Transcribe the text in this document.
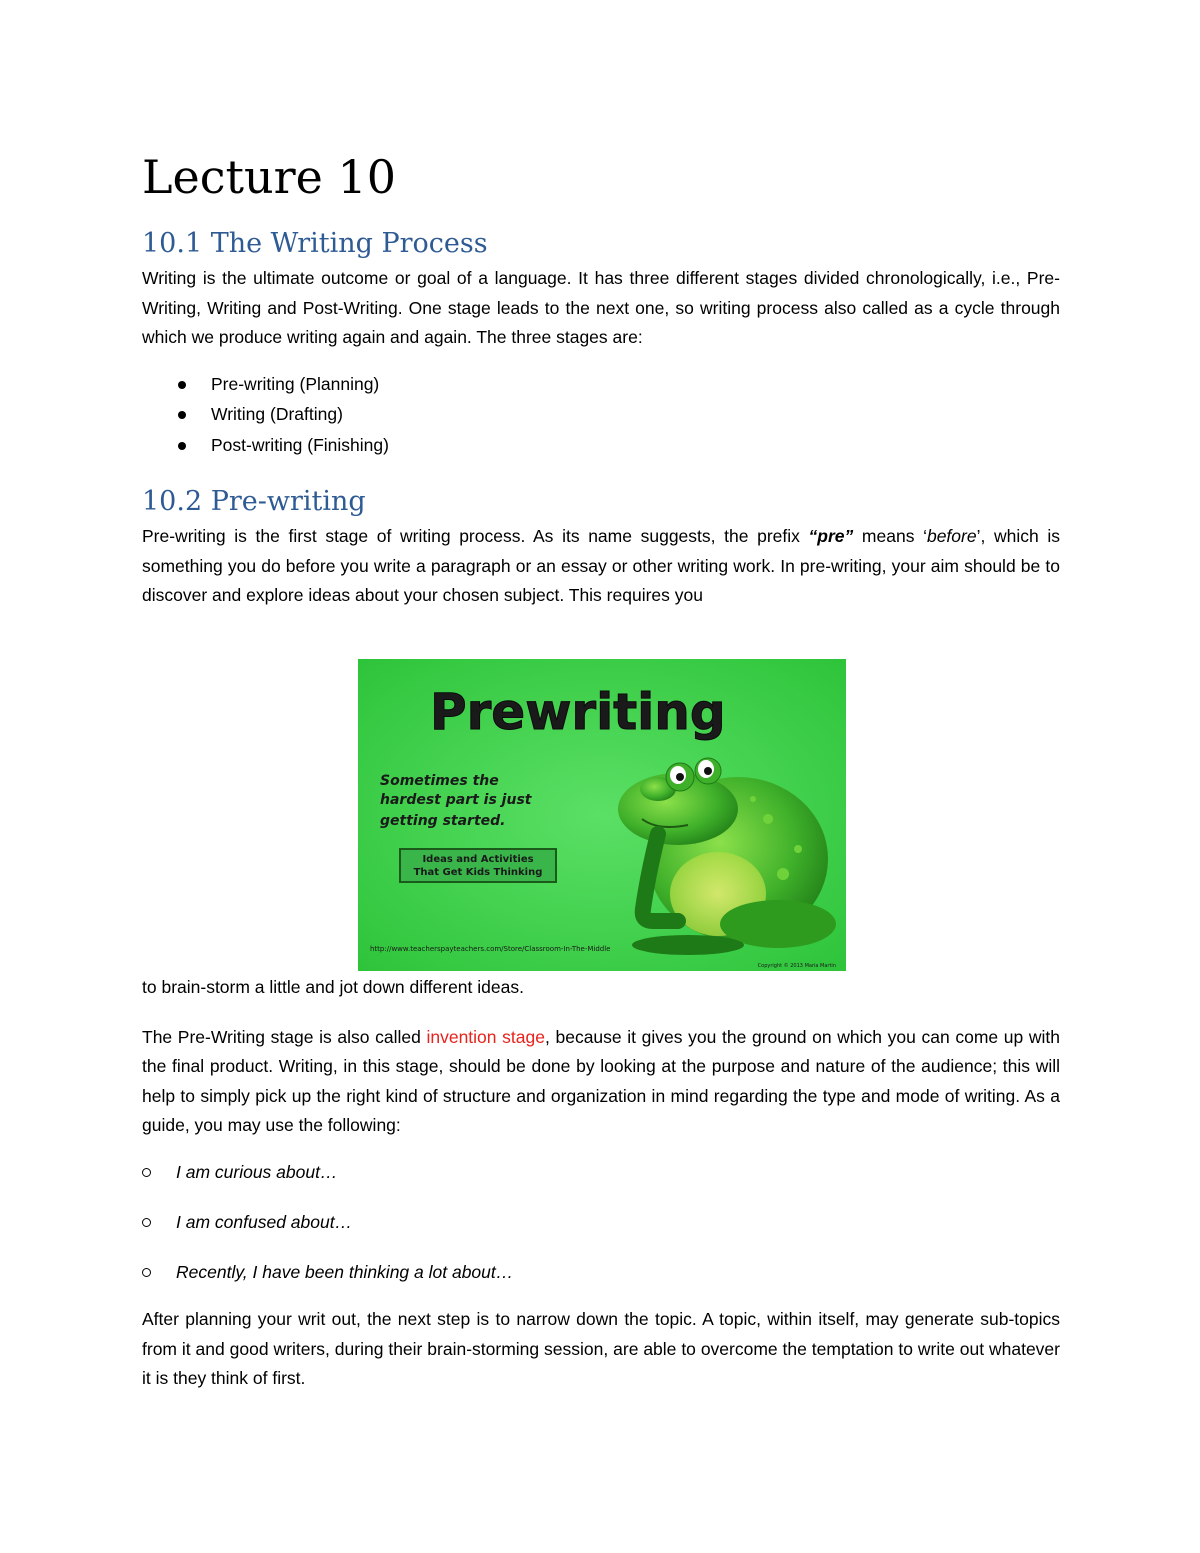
Lecture 10
10.1 The Writing Process

Writing is the ultimate outcome or goal of a language. It has three different stages divided chronologically, i.e., Pre-Writing, Writing and Post-Writing. One stage leads to the next one, so writing process also called as a cycle through which we produce writing again and again. The three stages are:

Pre-writing (Planning)
Writing (Drafting)
Post-writing (Finishing)
10.2 Pre-writing

Pre-writing is the first stage of writing process. As its name suggests, the prefix “pre” means ‘before’, which is something you do before you write a paragraph or an essay or other writing work. In pre-writing, your aim should be to discover and explore ideas about your chosen subject. This requires you

Prewriting
Sometimes the
hardest part is just
getting started.
Ideas and Activities
That Get Kids Thinking
http://www.teacherspayteachers.com/Store/Classroom-In-The-Middle
Copyright © 2013 Maria Martin

to brain-storm a little and jot down different ideas.

The Pre-Writing stage is also called invention stage, because it gives you the ground on which you can come up with the final product. Writing, in this stage, should be done by looking at the purpose and nature of the audience; this will help to simply pick up the right kind of structure and organization in mind regarding the type and mode of writing. As a guide, you may use the following:

I am curious about…
I am confused about…
Recently, I have been thinking a lot about…

After planning your writ out, the next step is to narrow down the topic. A topic, within itself, may generate sub-topics from it and good writers, during their brain-storming session, are able to overcome the temptation to write out whatever it is they think of first.
